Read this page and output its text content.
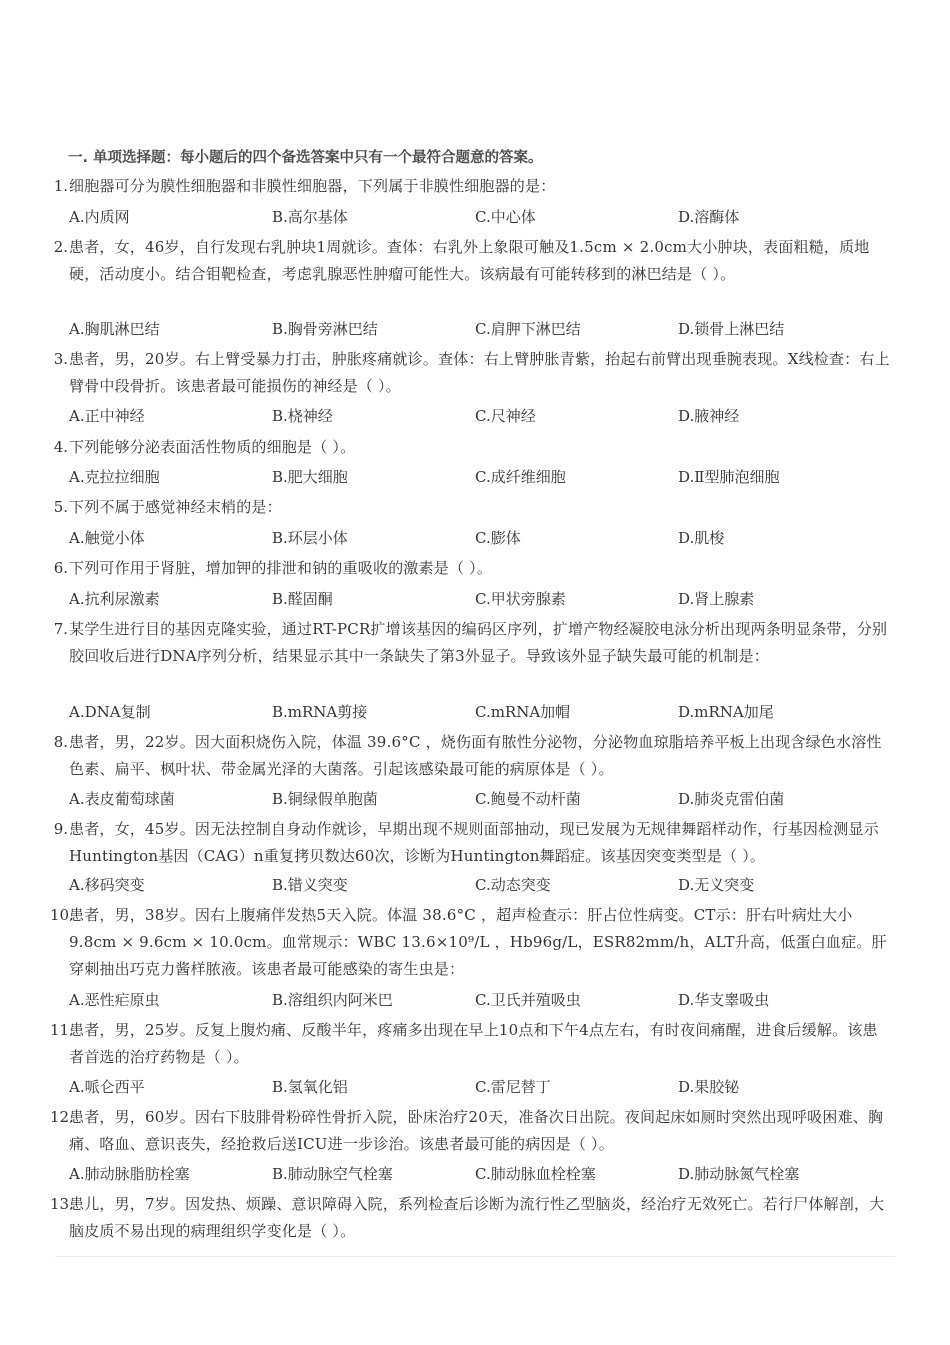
一. 单项选择题：每小题后的四个备选答案中只有一个最符合题意的答案。
1. 细胞器可分为膜性细胞器和非膜性细胞器，下列属于非膜性细胞器的是：
A.内质网	B.高尔基体	C.中心体	D.溶酶体
2. 患者，女，46岁，自行发现右乳肿块1周就诊。查体：右乳外上象限可触及1.5cm × 2.0cm大小肿块，表面粗糙，质地硬，活动度小。结合钼靶检查，考虑乳腺恶性肿瘤可能性大。该病最有可能转移到的淋巴结是（ ）。
A.胸肌淋巴结	B.胸骨旁淋巴结	C.肩胛下淋巴结	D.锁骨上淋巴结
3. 患者，男，20岁。右上臂受暴力打击，肿胀疼痛就诊。查体：右上臂肿胀青紫，抬起右前臂出现垂腕表现。X线检查：右上臂骨中段骨折。该患者最可能损伤的神经是（ ）。
A.正中神经	B.桡神经	C.尺神经	D.腋神经
4. 下列能够分泌表面活性物质的细胞是（ ）。
A.克拉拉细胞	B.肥大细胞	C.成纤维细胞	D.Ⅱ型肺泡细胞
5. 下列不属于感觉神经末梢的是：
A.触觉小体	B.环层小体	C.膨体	D.肌梭
6. 下列可作用于肾脏，增加钾的排泄和钠的重吸收的激素是（ ）。
A.抗利尿激素	B.醛固酮	C.甲状旁腺素	D.肾上腺素
7. 某学生进行目的基因克隆实验，通过RT-PCR扩增该基因的编码区序列，扩增产物经凝胶电泳分析出现两条明显条带，分别胶回收后进行DNA序列分析，结果显示其中一条缺失了第3外显子。导致该外显子缺失最可能的机制是：
A.DNA复制	B.mRNA剪接	C.mRNA加帽	D.mRNA加尾
8. 患者，男，22岁。因大面积烧伤入院，体温 39.6°C ，烧伤面有脓性分泌物，分泌物血琼脂培养平板上出现含绿色水溶性色素、扁平、枫叶状、带金属光泽的大菌落。引起该感染最可能的病原体是（ ）。
A.表皮葡萄球菌	B.铜绿假单胞菌	C.鲍曼不动杆菌	D.肺炎克雷伯菌
9. 患者，女，45岁。因无法控制自身动作就诊，早期出现不规则面部抽动，现已发展为无规律舞蹈样动作，行基因检测显示Huntington基因（CAG）n重复拷贝数达60次，诊断为Huntington舞蹈症。该基因突变类型是（ ）。
A.移码突变	B.错义突变	C.动态突变	D.无义突变
10.
患者，男，38岁。因右上腹痛伴发热5天入院。体温 38.6°C ，超声检查示：肝占位性病变。CT示：肝右叶病灶大小9.8cm × 9.6cm × 10.0cm。血常规示：WBC 13.6×10⁹/L ，Hb96g/L，ESR82mm/h，ALT升高，低蛋白血症。肝穿刺抽出巧克力酱样脓液。该患者最可能感染的寄生虫是：
A.恶性疟原虫	B.溶组织内阿米巴	C.卫氏并殖吸虫	D.华支睾吸虫
11.
患者，男，25岁。反复上腹灼痛、反酸半年，疼痛多出现在早上10点和下午4点左右，有时夜间痛醒，进食后缓解。该患者首选的治疗药物是（ ）。
A.哌仑西平	B.氢氧化铝	C.雷尼替丁	D.果胶铋
12.
患者，男，60岁。因右下肢腓骨粉碎性骨折入院，卧床治疗20天，准备次日出院。夜间起床如厕时突然出现呼吸困难、胸痛、咯血、意识丧失，经抢救后送ICU进一步诊治。该患者最可能的病因是（ ）。
A.肺动脉脂肪栓塞	B.肺动脉空气栓塞	C.肺动脉血栓栓塞	D.肺动脉氮气栓塞
13.
患儿，男，7岁。因发热、烦躁、意识障碍入院，系列检查后诊断为流行性乙型脑炎，经治疗无效死亡。若行尸体解剖，大脑皮质不易出现的病理组织学变化是（ ）。
